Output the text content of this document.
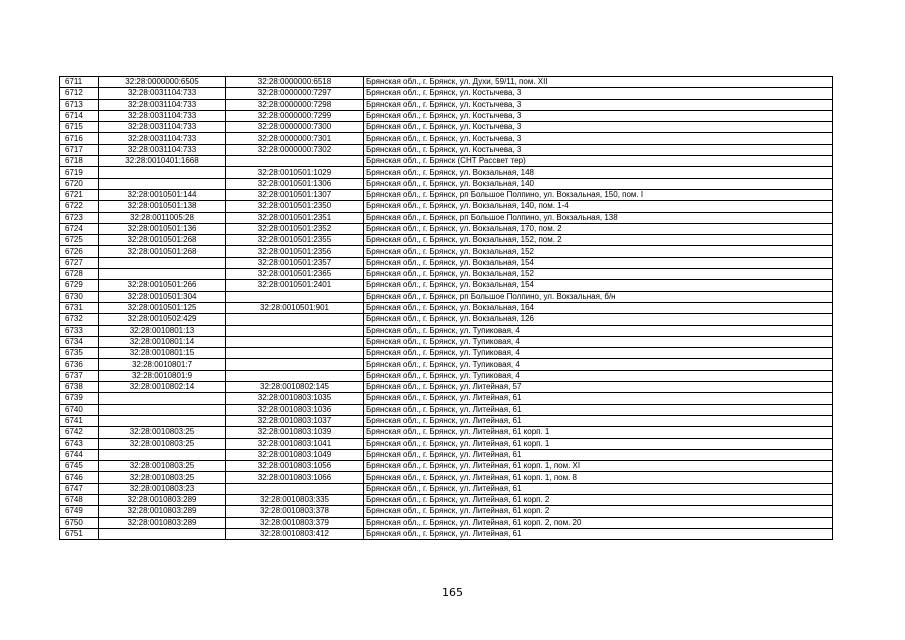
6711	32:28:0000000:6505	32:28:0000000:6518	Брянская обл., г. Брянск, ул. Духи, 59/11, пом. XII
6712	32:28:0031104:733	32:28:0000000:7297	Брянская обл., г. Брянск, ул. Костычева, 3
6713	32:28:0031104:733	32:28:0000000:7298	Брянская обл., г. Брянск, ул. Костычева, 3
6714	32:28:0031104:733	32:28:0000000:7299	Брянская обл., г. Брянск, ул. Костычева, 3
6715	32:28:0031104:733	32:28:0000000:7300	Брянская обл., г. Брянск, ул. Костычева, 3
6716	32:28:0031104:733	32:28:0000000:7301	Брянская обл., г. Брянск, ул. Костычева, 3
6717	32:28:0031104:733	32:28:0000000:7302	Брянская обл., г. Брянск, ул. Костычева, 3
6718	32:28:0010401:1668		Брянская обл., г. Брянск (СНТ Рассвет тер)
6719		32:28:0010501:1029	Брянская обл., г. Брянск, ул. Вокзальная, 148
6720		32:28:0010501:1306	Брянская обл., г. Брянск, ул. Вокзальная, 140
6721	32:28:0010501:144	32:28:0010501:1307	Брянская обл., г. Брянск, рп Большое Полпино, ул. Вокзальная, 150, пом. I
6722	32:28:0010501:138	32:28:0010501:2350	Брянская обл., г. Брянск, ул. Вокзальная, 140, пом. 1-4
6723	32:28:0011005:28	32:28:0010501:2351	Брянская обл., г. Брянск, рп Большое Полпино, ул. Вокзальная, 138
6724	32:28:0010501:136	32:28:0010501:2352	Брянская обл., г. Брянск, ул. Вокзальная, 170, пом. 2
6725	32:28:0010501:268	32:28:0010501:2355	Брянская обл., г. Брянск, ул. Вокзальная, 152, пом. 2
6726	32:28:0010501:268	32:28:0010501:2356	Брянская обл., г. Брянск, ул. Вокзальная, 152
6727		32:28:0010501:2357	Брянская обл., г. Брянск, ул. Вокзальная, 154
6728		32:28:0010501:2365	Брянская обл., г. Брянск, ул. Вокзальная, 152
6729	32:28:0010501:266	32:28:0010501:2401	Брянская обл., г. Брянск, ул. Вокзальная, 154
6730	32:28:0010501:304		Брянская обл., г. Брянск, рп Большое Полпино, ул. Вокзальная, б/н
6731	32:28:0010501:125	32:28:0010501:901	Брянская обл., г. Брянск, ул. Вокзальная, 164
6732	32:28:0010502:429		Брянская обл., г. Брянск, ул. Вокзальная, 126
6733	32:28:0010801:13		Брянская обл., г. Брянск, ул. Тупиковая, 4
6734	32:28:0010801:14		Брянская обл., г. Брянск, ул. Тупиковая, 4
6735	32:28:0010801:15		Брянская обл., г. Брянск, ул. Тупиковая, 4
6736	32:28:0010801:7		Брянская обл., г. Брянск, ул. Тупиковая, 4
6737	32:28:0010801:9		Брянская обл., г. Брянск, ул. Тупиковая, 4
6738	32:28:0010802:14	32:28:0010802:145	Брянская обл., г. Брянск, ул. Литейная, 57
6739		32:28:0010803:1035	Брянская обл., г. Брянск, ул. Литейная, 61
6740		32:28:0010803:1036	Брянская обл., г. Брянск, ул. Литейная, 61
6741		32:28:0010803:1037	Брянская обл., г. Брянск, ул. Литейная, 61
6742	32:28:0010803:25	32:28:0010803:1039	Брянская обл., г. Брянск, ул. Литейная, 61 корп. 1
6743	32:28:0010803:25	32:28:0010803:1041	Брянская обл., г. Брянск, ул. Литейная, 61 корп. 1
6744		32:28:0010803:1049	Брянская обл., г. Брянск, ул. Литейная, 61
6745	32:28:0010803:25	32:28:0010803:1056	Брянская обл., г. Брянск, ул. Литейная, 61 корп. 1, пом. XI
6746	32:28:0010803:25	32:28:0010803:1066	Брянская обл., г. Брянск, ул. Литейная, 61 корп. 1, пом. 8
6747	32:28:0010803:23		Брянская обл., г. Брянск, ул. Литейная, 61
6748	32:28:0010803:289	32:28:0010803:335	Брянская обл., г. Брянск, ул. Литейная, 61 корп. 2
6749	32:28:0010803:289	32:28:0010803:378	Брянская обл., г. Брянск, ул. Литейная, 61 корп. 2
6750	32:28:0010803:289	32:28:0010803:379	Брянская обл., г. Брянск, ул. Литейная, 61 корп. 2, пом. 20
6751		32:28:0010803:412	Брянская обл., г. Брянск, ул. Литейная, 61
165
